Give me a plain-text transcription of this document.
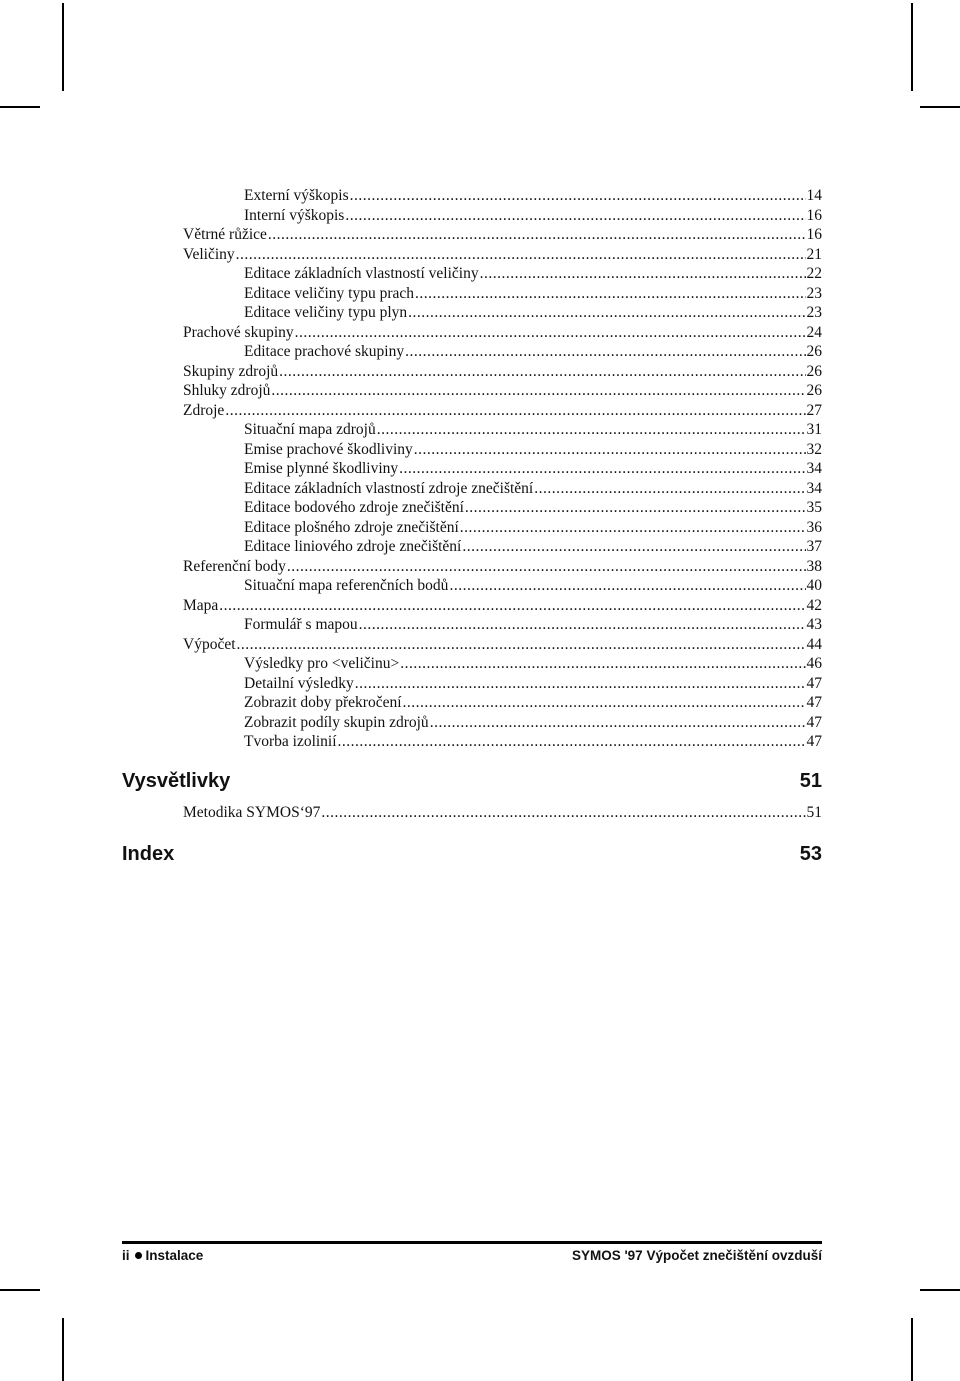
Externí výškopis .....	14
Interní výškopis .....	16
Větrné růžice .....	16
Veličiny .....	21
Editace základních vlastností veličiny .....	22
Editace veličiny typu prach .....	23
Editace veličiny typu plyn .....	23
Prachové skupiny .....	24
Editace prachové skupiny .....	26
Skupiny zdrojů .....	26
Shluky zdrojů .....	26
Zdroje .....	27
Situační mapa zdrojů .....	31
Emise prachové škodliviny .....	32
Emise plynné škodliviny .....	34
Editace základních vlastností zdroje znečištění .....	34
Editace bodového zdroje znečištění .....	35
Editace plošného zdroje znečištění .....	36
Editace liniového zdroje znečištění .....	37
Referenční body .....	38
Situační mapa referenčních bodů .....	40
Mapa .....	42
Formulář s mapou .....	43
Výpočet .....	44
Výsledky pro <veličinu> .....	46
Detailní výsledky .....	47
Zobrazit doby překročení .....	47
Zobrazit podíly skupin zdrojů .....	47
Tvorba izolinií .....	47
Vysvětlivky	51
Metodika SYMOS‘97 .....	51
Index	53
ii Instalace	SYMOS '97 Výpočet znečištění ovzduší
